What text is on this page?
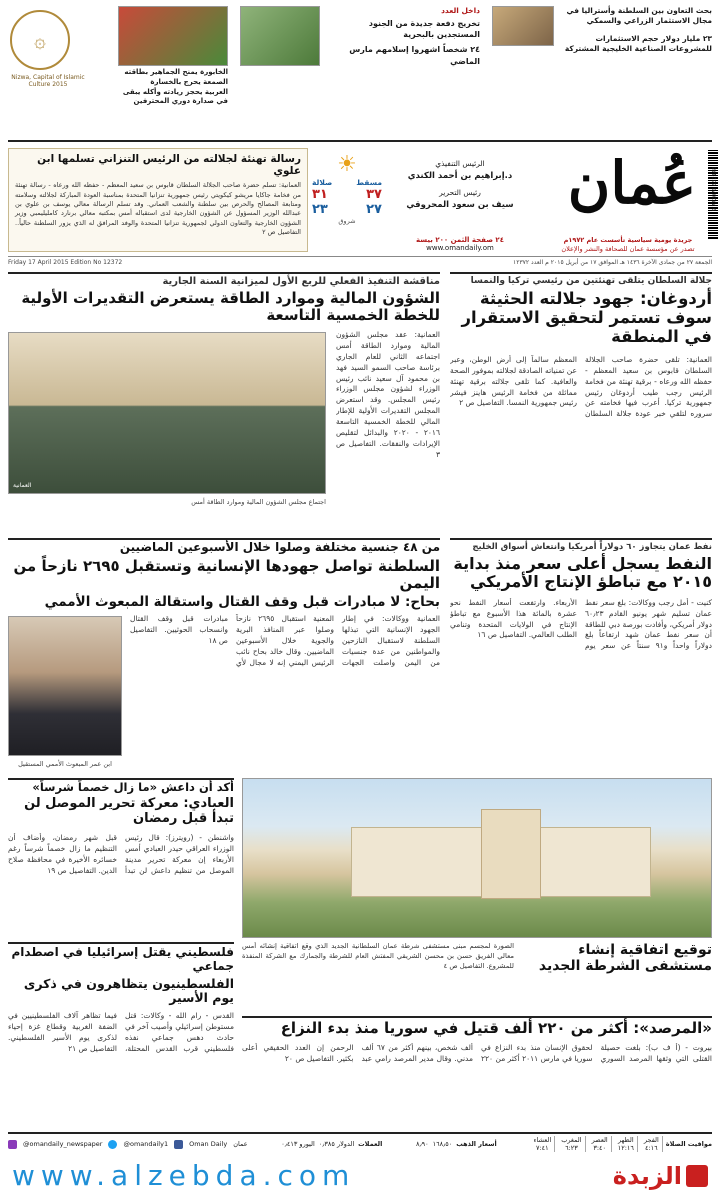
بحث التعاون بين السلطنة وأستراليا في مجال الاستثمار الزراعي والسمكي
٢٣ مليار دولار حجم الاستثمارات للمشروعات الصناعية الخليجية المشتركة
داخل العدد
تخريج دفعة جديدة من الجنود المستجدين بالبحرية
٢٤ شخصاً اشهروا إسلامهم مارس الماضي
الخابورة يمنح الجماهير بطاقته
الصمعة يحرج بالخسارة
العربية يحجز ريادته وأكله يبقى في صدارة دوري المحترفين
۞
Nizwa, Capital of Islamic Culture 2015
عُمان
جريدة يومية سياسية تأسست عام ١٩٧٢م
تصدر عن مؤسسة عمان للصحافة والنشر والإعلان
9 772070 632148
الرئيس التنفيذي
د.إبراهيم بن أحمد الكندي
رئيس التحرير
سيف بن سعود المحروقي
٢٤ صفحة الثمن ٢٠٠ بيسة
www.omandaily.om
☀
مسقط
صلالة
٣٧
٣١
٢٧
٢٣
شروق
رسالة تهنئة لجلالته من الرئيس التنزاني تسلمها ابن علوي
العمانية: تسلم حضرة صاحب الجلالة السلطان قابوس بن سعيد المعظم - حفظه الله ورعاه - رسالة تهنئة من فخامة جاكايا مريشو كيكويتي رئيس جمهورية تنزانيا المتحدة بمناسبة العودة المباركة لجلالته وسلامته ومتابعة المصالح والحرص بين سلطنة والشعب العماني. وقد تسلم الرسالة معالي يوسف بن علوي بن عبدالله الوزير المسؤول عن الشؤون الخارجية لدى استقباله أمس بمكتبه معالي برنارد كامليليمبي وزير الشؤون الخارجية والتعاون الدولي لجمهورية تنزانيا المتحدة والوفد المرافق له الذي يزور السلطنة حالياً.. التفاصيل ص ٢
الجمعة ٢٧ من جمادى الآخرة ١٤٣٦ هـ الموافق ١٧ من أبريل ٢٠١٥ م العدد ١٢٣٧٢
Friday 17 April 2015 Edition No 12372
جلالة السلطان يتلقى تهنئتين من رئيسي تركيا والنمسا
أردوغان: جهود جلالته الحثيثة سوف تستمر لتحقيق الاستقرار في المنطقة
العمانية: تلقى حضرة صاحب الجلالة السلطان قابوس بن سعيد المعظم - حفظه الله ورعاه - برقية تهنئة من فخامة الرئيس رجب طيب أردوغان رئيس جمهورية تركيا. أعرب فيها فخامته عن سروره لتلقي خبر عودة جلالة السلطان المعظم سالماً إلى أرض الوطن، وعبر عن تمنياته الصادقة لجلالته بموفور الصحة والعافية. كما تلقى جلالته برقية تهنئة مماثلة من فخامة الرئيس هاينز فيشر رئيس جمهورية النمسا. التفاصيل ص ٢
مناقشة التنفيذ الفعلي للربع الأول لميزانية السنة الجارية
الشؤون المالية وموارد الطاقة يستعرض التقديرات الأولية للخطة الخمسية التاسعة
العمانية: عقد مجلس الشؤون المالية وموارد الطاقة أمس اجتماعه الثاني للعام الجاري برئاسة صاحب السمو السيد فهد بن محمود آل سعيد نائب رئيس الوزراء لشؤون مجلس الوزراء رئيس المجلس. وقد استعرض المجلس التقديرات الأولية للإطار المالي للخطة الخمسية التاسعة ٢٠١٦ - ٢٠٢٠ والبدائل لتقليص الإيرادات والنفقات. التفاصيل ص ٣
العمانية
اجتماع مجلس الشؤون المالية وموارد الطاقة أمس
نفط عمان يتجاوز ٦٠ دولاراً أمريكيا وانتعاش أسواق الخليج
النفط يسجل أعلى سعر منذ بداية ٢٠١٥ مع تباطؤ الإنتاج الأمريكي
كنيت - أمل رجب ووكالات: بلغ سعر نفط عمان تسليم شهر يونيو القادم ٦٠٫٢٣ دولار أمريكي، وأفادت بورصة دبي للطاقة أن سعر نفط عمان شهد ارتفاعاً بلغ دولاراً واحداً و٩١ سنتاً عن سعر يوم الأربعاء. وارتفعت أسعار النفط نحو عشرة بالمائة هذا الأسبوع مع تباطؤ الإنتاج في الولايات المتحدة وتنامي الطلب العالمي. التفاصيل ص ١٦
من ٤٨ جنسية مختلفة وصلوا خلال الأسبوعين الماضيين
السلطنة تواصل جهودها الإنسانية وتستقبل ٢٦٩٥ نازحاً من اليمن
بحاح: لا مبادرات قبل وقف القتال واستقالة المبعوث الأممي
العمانية ووكالات: في إطار الجهود الإنسانية التي تبذلها السلطنة لاستقبال النازحين والمواطنين من عدة جنسيات من اليمن واصلت الجهات المعنية استقبال ٢٦٩٥ نازحاً وصلوا عبر المنافذ البرية والجوية خلال الأسبوعين الماضيين. وقال خالد بحاح نائب الرئيس اليمني إنه لا مجال لأي مبادرات قبل وقف القتال وانسحاب الحوثيين. التفاصيل ص ١٨
ابن عمر المبعوث الأممي المستقيل
أكد أن داعش «ما زال خصماً شرساً»
العبادي: معركة تحرير الموصل لن تبدأ قبل رمضان
واشنطن - (رويترز): قال رئيس الوزراء العراقي حيدر العبادي أمس الأربعاء إن معركة تحرير مدينة الموصل من تنظيم داعش لن تبدأ قبل شهر رمضان، وأضاف أن التنظيم ما زال خصماً شرساً رغم خسائره الأخيرة في محافظة صلاح الدين. التفاصيل ص ١٩
توقيع اتفاقية إنشاء مستشفى الشرطة الجديد
الصورة لمجسم مبنى مستشفى شرطة عمان السلطانية الجديد الذي وقع اتفاقية إنشائه أمس معالي الفريق حسن بن محسن الشريقي المفتش العام للشرطة والجمارك مع الشركة المنفذة للمشروع. التفاصيل ص ٤
فلسطيني يقتل إسرائيليا في اصطدام جماعي
الفلسطينيون يتظاهرون في ذكرى يوم الأسير
القدس - رام الله - وكالات: قتل مستوطن إسرائيلي وأصيب آخر في حادث دهس جماعي نفذه فلسطيني قرب القدس المحتلة، فيما تظاهر آلاف الفلسطينيين في الضفة الغربية وقطاع غزة إحياء لذكرى يوم الأسير الفلسطيني. التفاصيل ص ٢١
«المرصد»: أكثر من ٢٢٠ ألف قتيل في سوريا منذ بدء النزاع
بيروت - (أ ف ب): بلغت حصيلة القتلى التي وثقها المرصد السوري لحقوق الإنسان منذ بدء النزاع في سوريا في مارس ٢٠١١ أكثر من ٢٢٠ ألف شخص، بينهم أكثر من ٦٧ ألف مدني. وقال مدير المرصد رامي عبد الرحمن إن العدد الحقيقي أعلى بكثير. التفاصيل ص ٢٠
مواقيت الصلاة
الفجر
٤:١٦
الظهر
١٢:١٦
العصر
٣:٤٠
المغرب
٦:٢٣
العشاء
٧:٤١
أسعار الذهب
١٦٨٫٥٠
٨٫٩٠
العملات
الدولار ٠٫٣٨٥
اليورو ٠٫٤١٣
@omandaily_newspaper	@omandaily1	Oman Daily عمان
الزبدة
www.alzebda.com
